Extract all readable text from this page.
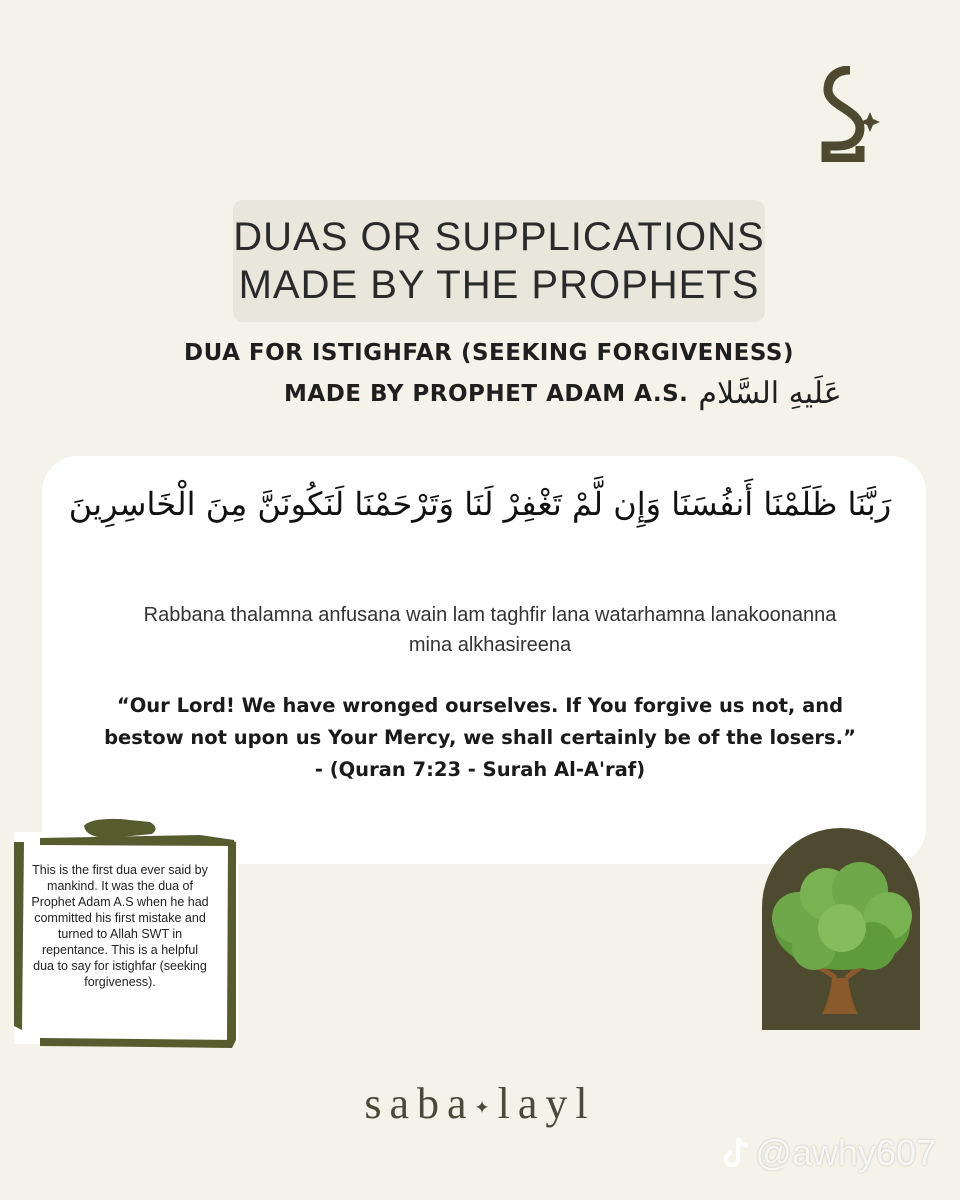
DUAS OR SUPPLICATIONS
MADE BY THE PROPHETS
DUA FOR ISTIGHFAR (SEEKING FORGIVENESS)
MADE BY PROPHET ADAM A.S. عَلَيهِ السَّلام
رَبَّنَا ظَلَمْنَا أَنفُسَنَا وَإِن لَّمْ تَغْفِرْ لَنَا وَتَرْحَمْنَا لَنَكُونَنَّ مِنَ الْخَاسِرِينَ
Rabbana thalamna anfusana wain lam taghfir lana watarhamna lanakoonanna mina alkhasireena
“Our Lord! We have wronged ourselves. If You forgive us not, and bestow not upon us Your Mercy, we shall certainly be of the losers.” - (Quran 7:23 - Surah Al-A'raf)
This is the first dua ever said by mankind. It was the dua of Prophet Adam A.S when he had committed his first mistake and turned to Allah SWT in repentance. This is a helpful dua to say for istighfar (seeking forgiveness).
saba✦layl
@awhy607
